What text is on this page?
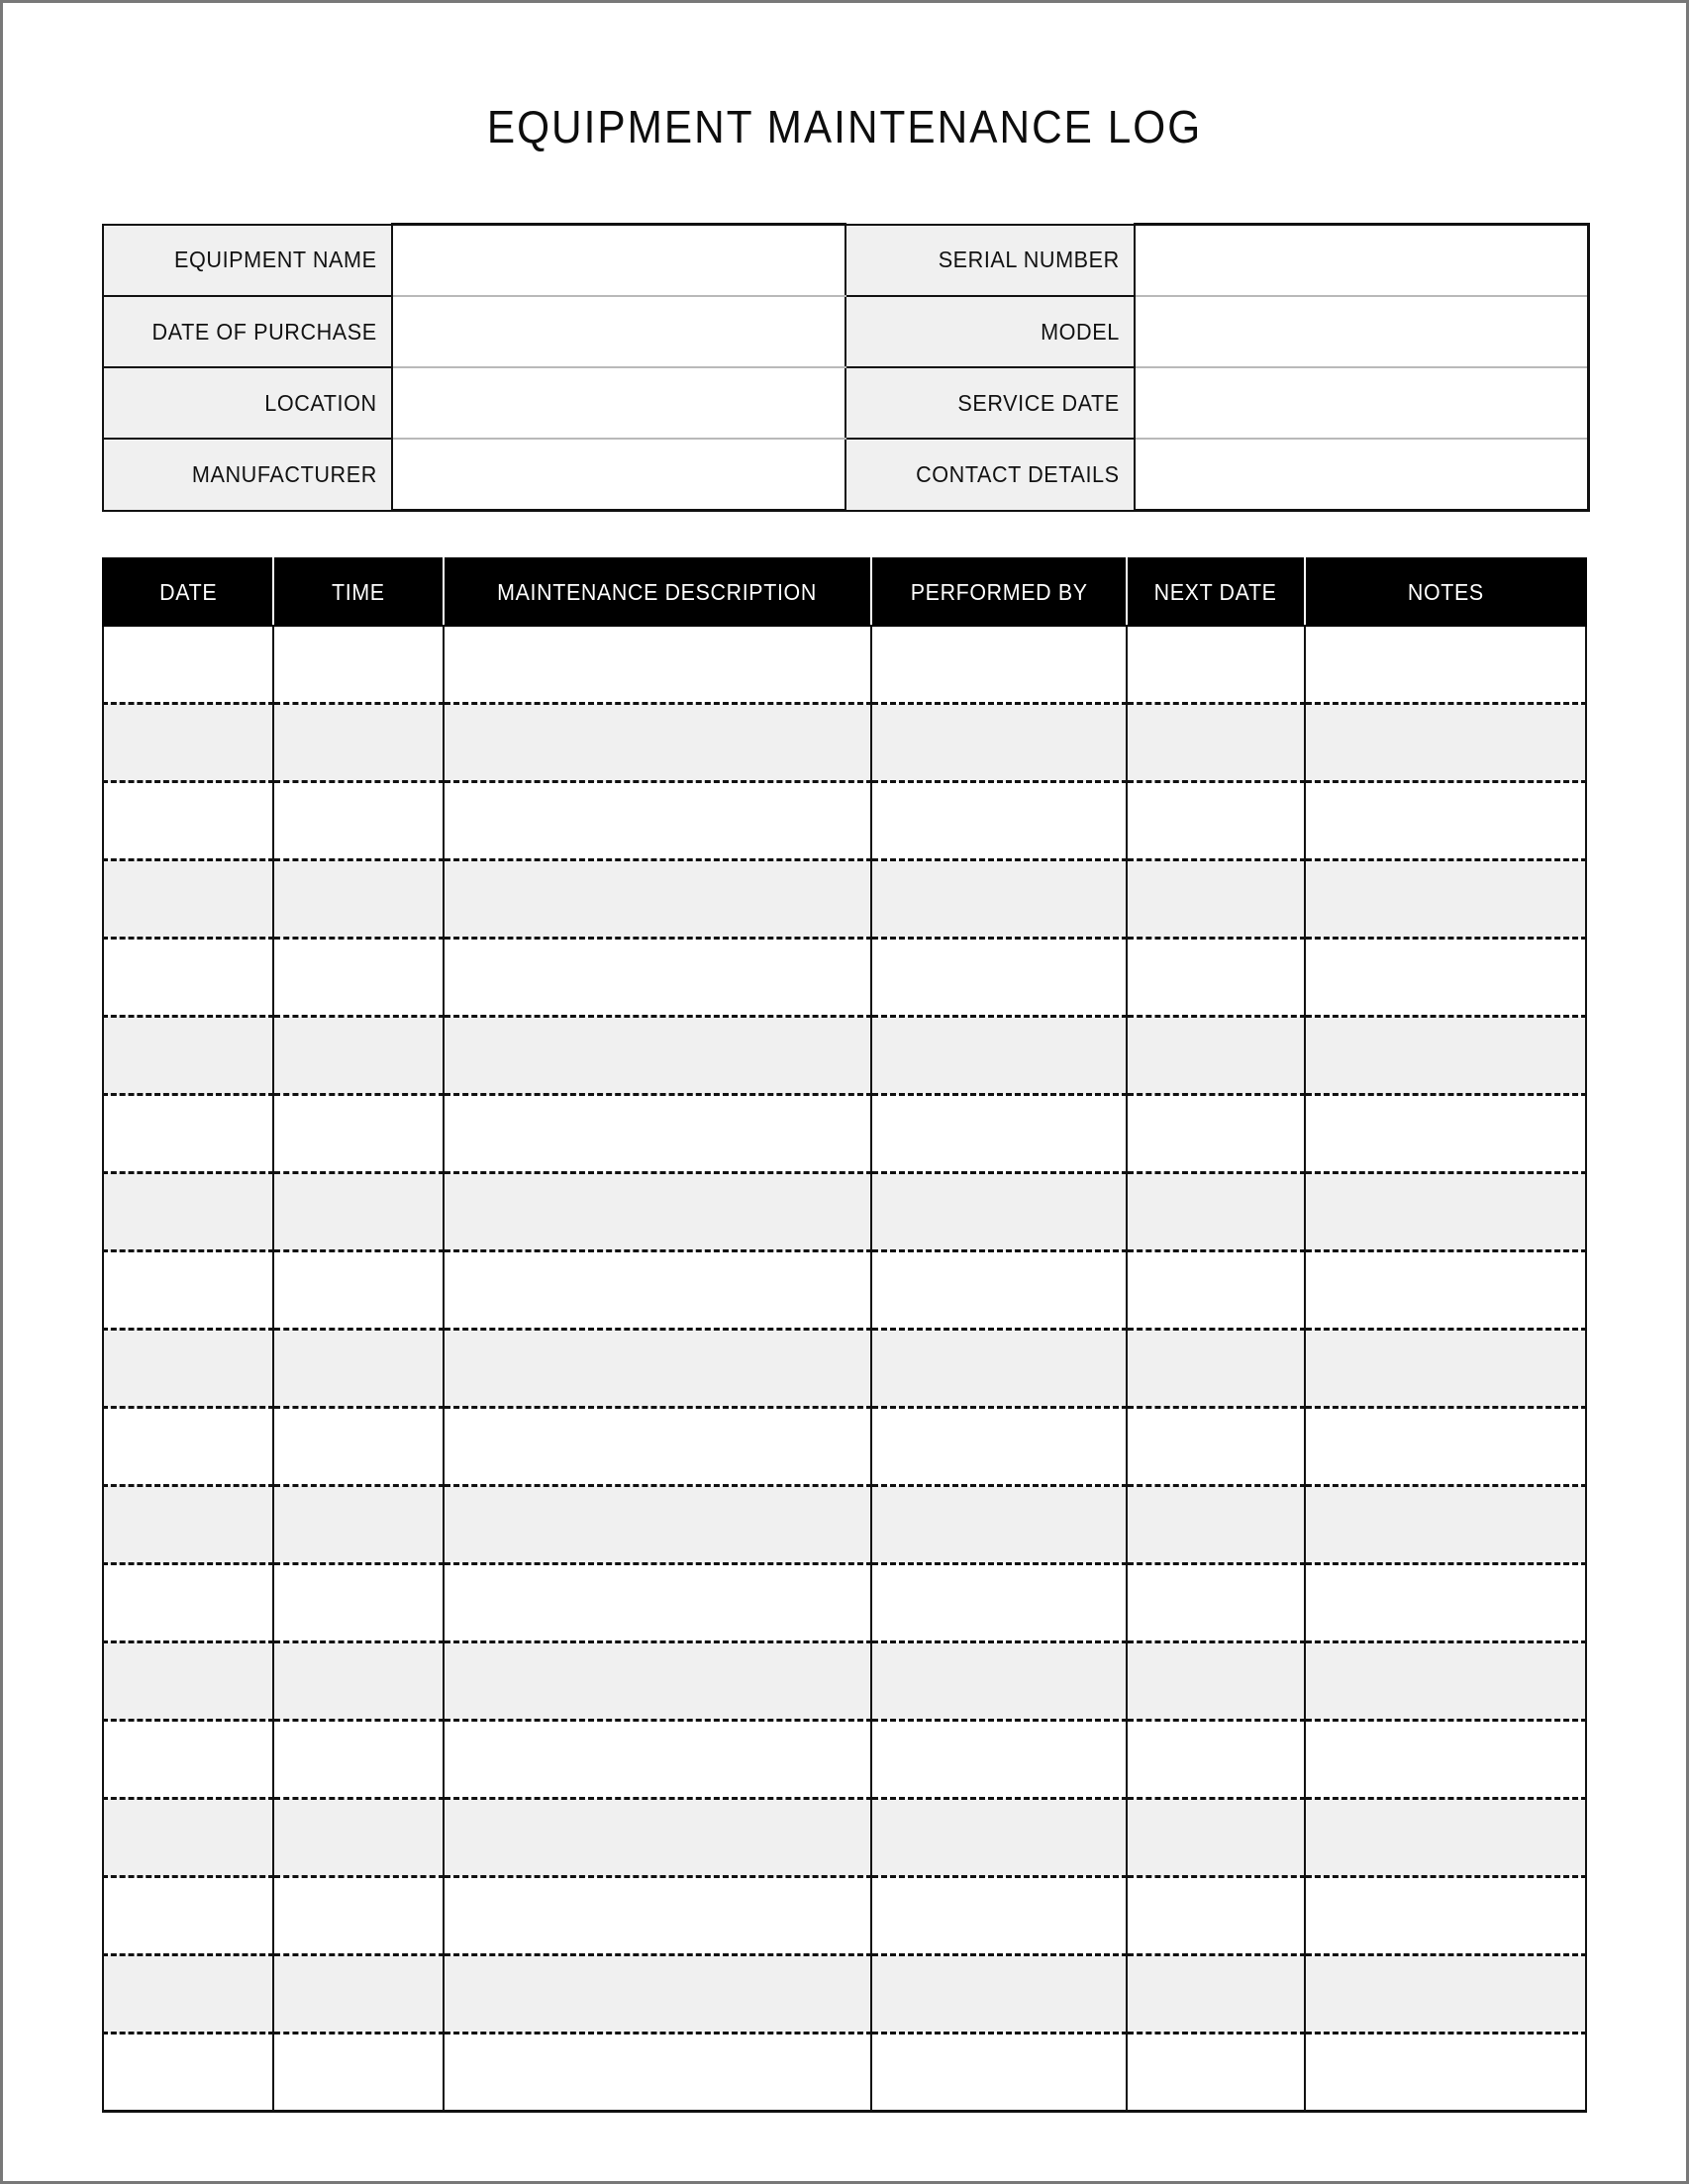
EQUIPMENT MAINTENANCE LOG
EQUIPMENT NAME		SERIAL NUMBER	
DATE OF PURCHASE		MODEL	
LOCATION		SERVICE DATE	
MANUFACTURER		CONTACT DETAILS	
DATE	TIME	MAINTENANCE DESCRIPTION	PERFORMED BY	NEXT DATE	NOTES
